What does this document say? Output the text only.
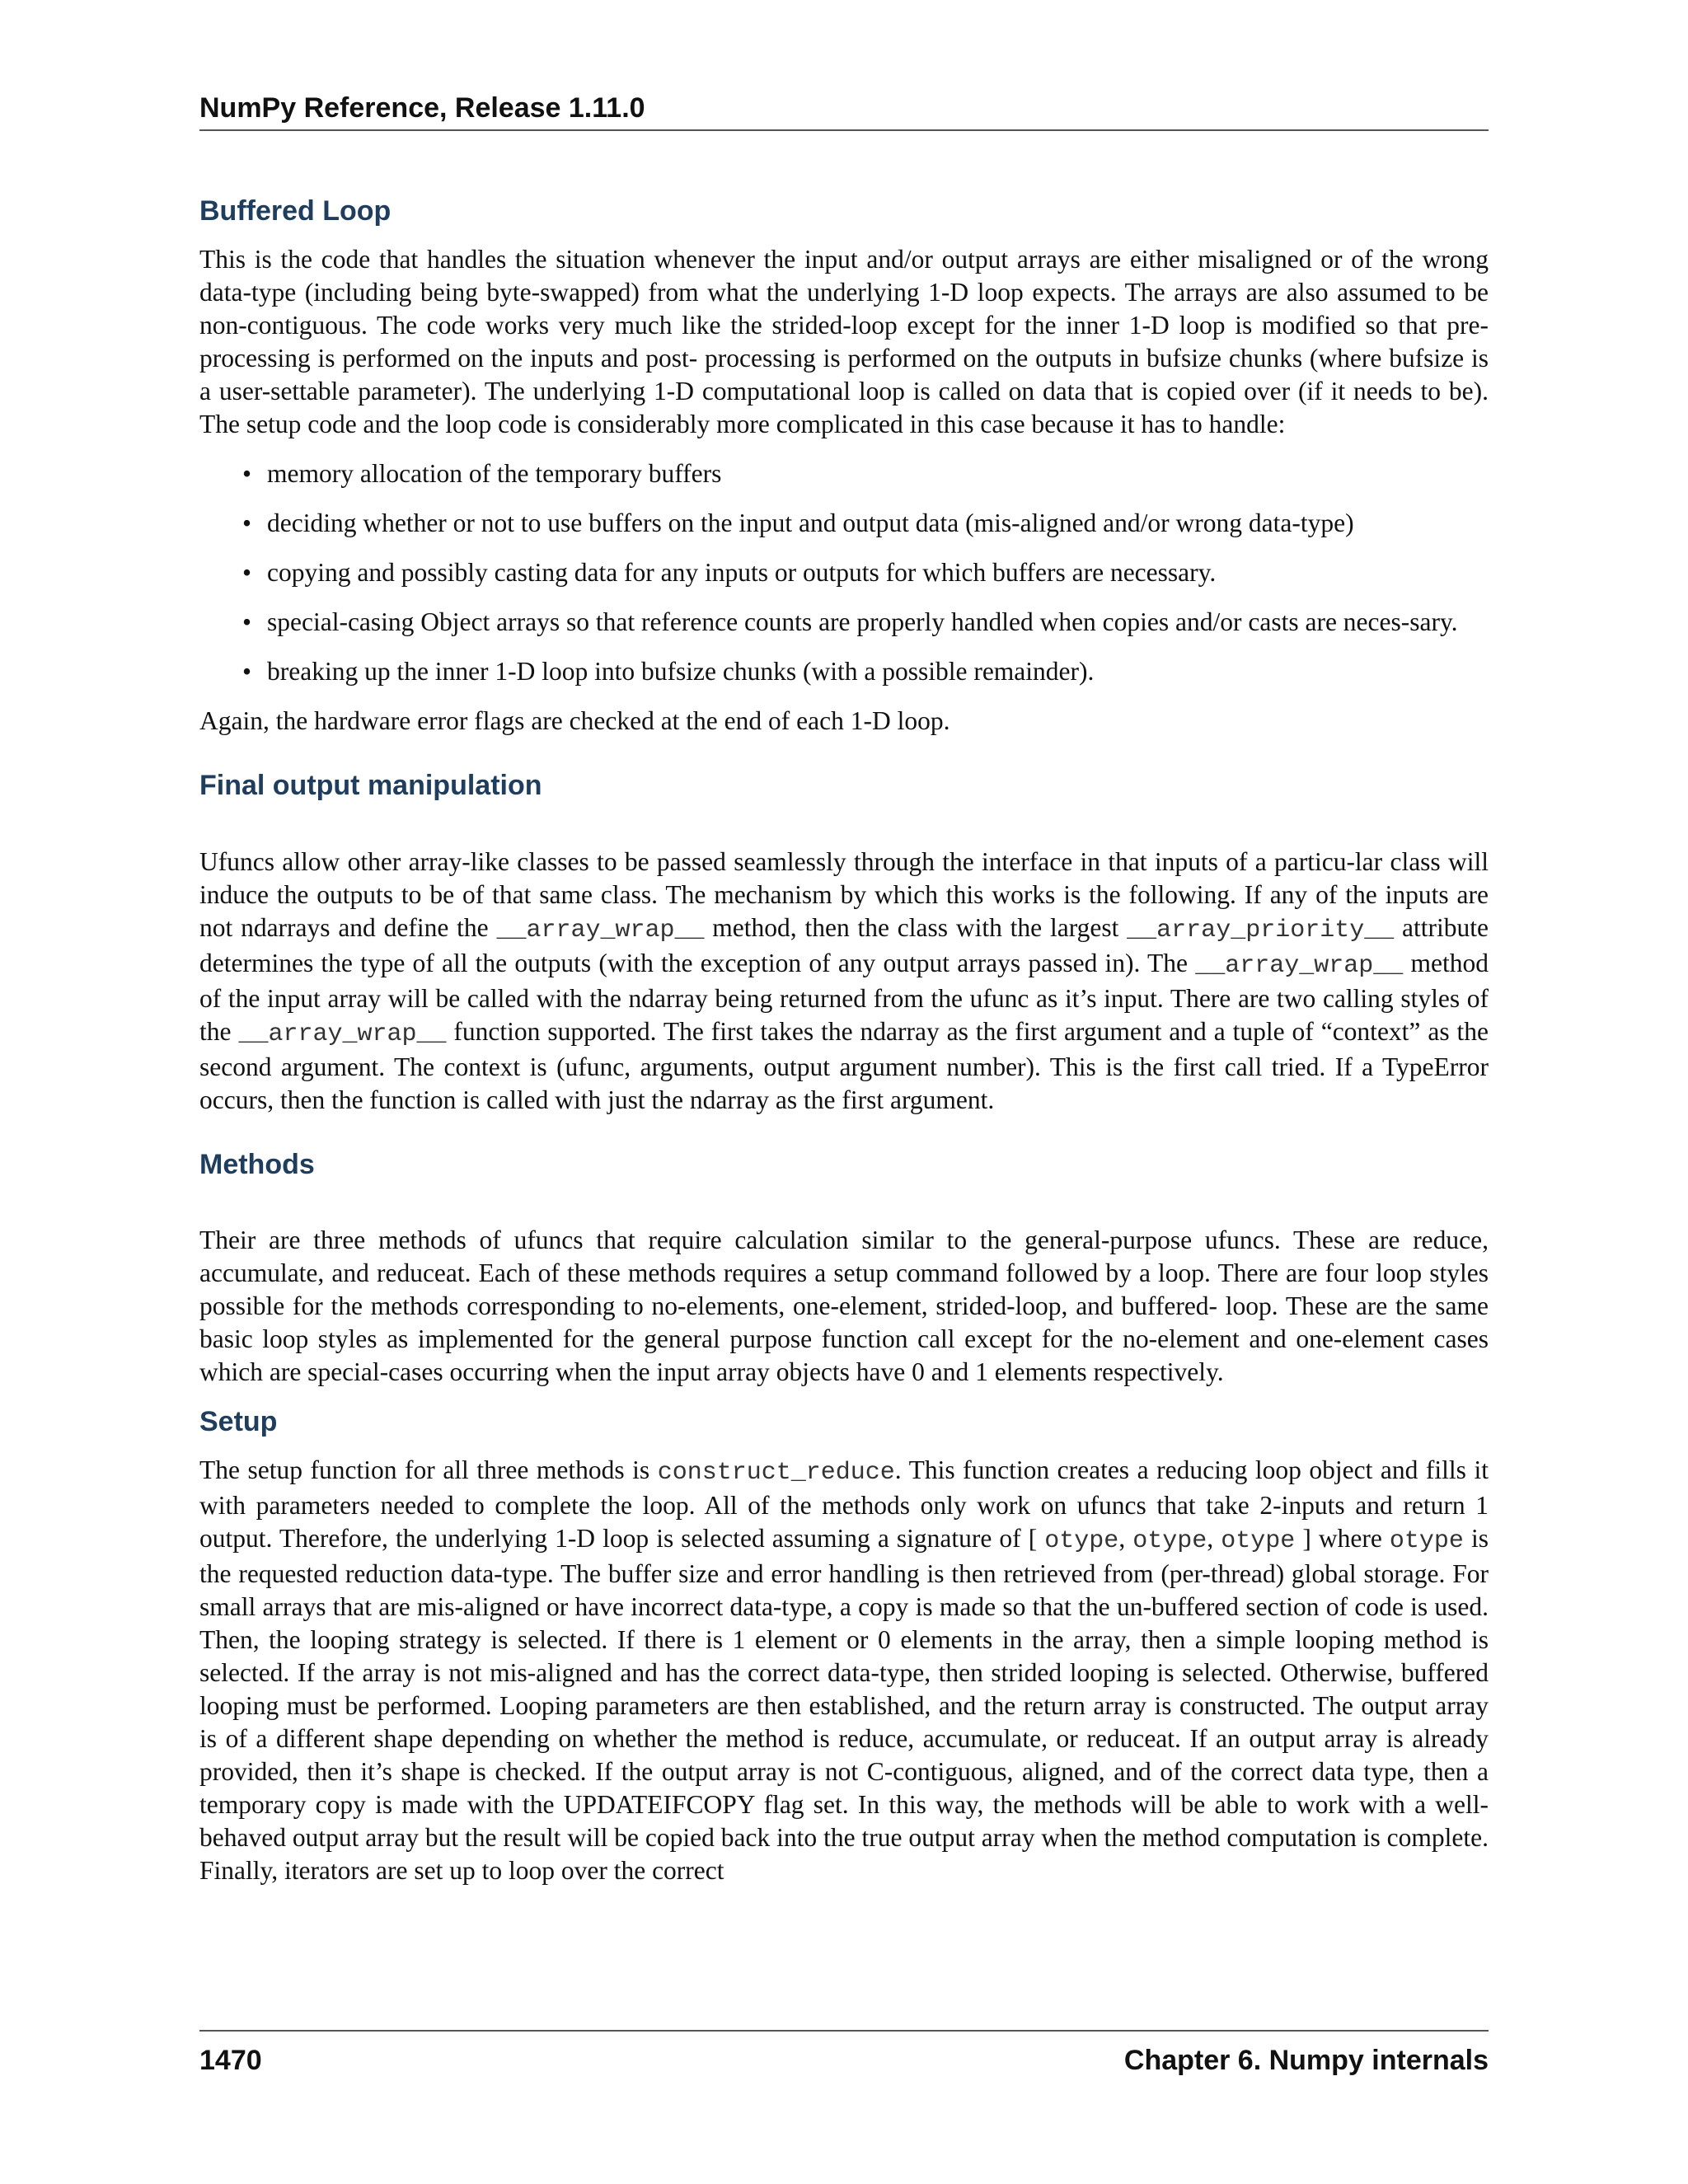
NumPy Reference, Release 1.11.0
Buffered Loop

This is the code that handles the situation whenever the input and/or output arrays are either misaligned or of the wrong data-type (including being byte-swapped) from what the underlying 1-D loop expects. The arrays are also assumed to be non-contiguous. The code works very much like the strided-loop except for the inner 1-D loop is modified so that pre-processing is performed on the inputs and post- processing is performed on the outputs in bufsize chunks (where bufsize is a user-settable parameter). The underlying 1-D computational loop is called on data that is copied over (if it needs to be). The setup code and the loop code is considerably more complicated in this case because it has to handle:

• memory allocation of the temporary buffers
• deciding whether or not to use buffers on the input and output data (mis-aligned and/or wrong data-type)
• copying and possibly casting data for any inputs or outputs for which buffers are necessary.
• special-casing Object arrays so that reference counts are properly handled when copies and/or casts are neces-sary.
• breaking up the inner 1-D loop into bufsize chunks (with a possible remainder).

Again, the hardware error flags are checked at the end of each 1-D loop.

Final output manipulation

Ufuncs allow other array-like classes to be passed seamlessly through the interface in that inputs of a particu-lar class will induce the outputs to be of that same class. The mechanism by which this works is the following. If any of the inputs are not ndarrays and define the __array_wrap__ method, then the class with the largest __array_priority__ attribute determines the type of all the outputs (with the exception of any output arrays passed in). The __array_wrap__ method of the input array will be called with the ndarray being returned from the ufunc as it’s input. There are two calling styles of the __array_wrap__ function supported. The first takes the ndarray as the first argument and a tuple of “context” as the second argument. The context is (ufunc, arguments, output argument number). This is the first call tried. If a TypeError occurs, then the function is called with just the ndarray as the first argument.

Methods

Their are three methods of ufuncs that require calculation similar to the general-purpose ufuncs. These are reduce, accumulate, and reduceat. Each of these methods requires a setup command followed by a loop. There are four loop styles possible for the methods corresponding to no-elements, one-element, strided-loop, and buffered- loop. These are the same basic loop styles as implemented for the general purpose function call except for the no-element and one-element cases which are special-cases occurring when the input array objects have 0 and 1 elements respectively.

Setup

The setup function for all three methods is construct_reduce. This function creates a reducing loop object and fills it with parameters needed to complete the loop. All of the methods only work on ufuncs that take 2-inputs and return 1 output. Therefore, the underlying 1-D loop is selected assuming a signature of [ otype, otype, otype ] where otype is the requested reduction data-type. The buffer size and error handling is then retrieved from (per-thread) global storage. For small arrays that are mis-aligned or have incorrect data-type, a copy is made so that the un-buffered section of code is used. Then, the looping strategy is selected. If there is 1 element or 0 elements in the array, then a simple looping method is selected. If the array is not mis-aligned and has the correct data-type, then strided looping is selected. Otherwise, buffered looping must be performed. Looping parameters are then established, and the return array is constructed. The output array is of a different shape depending on whether the method is reduce, accumulate, or reduceat. If an output array is already provided, then it’s shape is checked. If the output array is not C-contiguous, aligned, and of the correct data type, then a temporary copy is made with the UPDATEIFCOPY flag set. In this way, the methods will be able to work with a well-behaved output array but the result will be copied back into the true output array when the method computation is complete. Finally, iterators are set up to loop over the correct

1470	Chapter 6. Numpy internals
